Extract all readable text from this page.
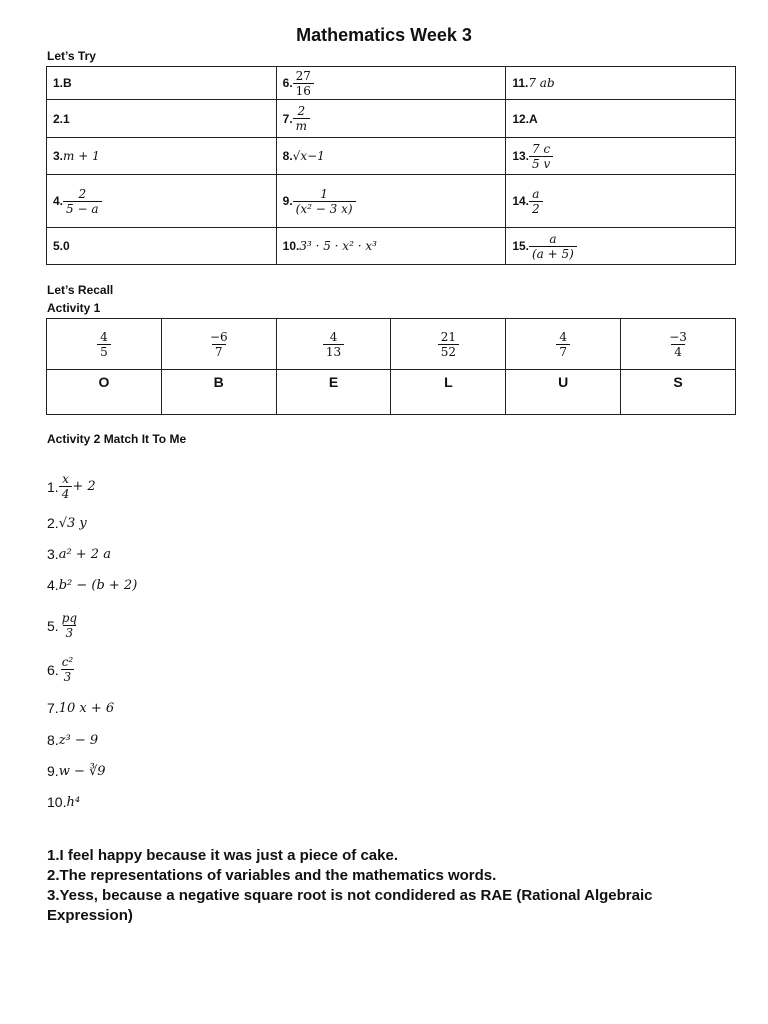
Mathematics Week 3
Let’s Try
1.B	6. $\frac{27}{16}$	11.7 ab
2.1	7. $\frac{2}{m}$	12.A
3.m + 1	8.√x−1	13. $\frac{7 c}{5 v}$

4. $\frac{2}{5 - a}$	9. $\frac{1}{\text{(x² − 3 x)}}$	14. $\frac{a}{2}$

5.0	10.3³ · 5 · x² · x³	15. $\frac{a}{(a + 5)}$
Let’s Recall
Activity 1
$\frac{4}{5}$	$\frac{-6}{7}$	$\frac{4}{13}$	$\frac{21}{52}$	$\frac{4}{7}$	$\frac{-3}{4}$

O	B	E	L	U	S
Activity 2 Match It To Me
1. $\frac{x}{4} + 2$
2. √3 y
3. a² + 2 a
4. b² − (b + 2)
5. $\frac{pq}{3}$
6. $\frac{\text{c²}}{3}$
7. 10 x + 6
8. z³ − 9
9. w − ∛9
10. h⁴
1.I feel happy because it was just a piece of cake.
2.The representations of variables and the mathematics words.
3.Yess, because a negative square root is not condidered as RAE (Rational Algebraic Expression)
